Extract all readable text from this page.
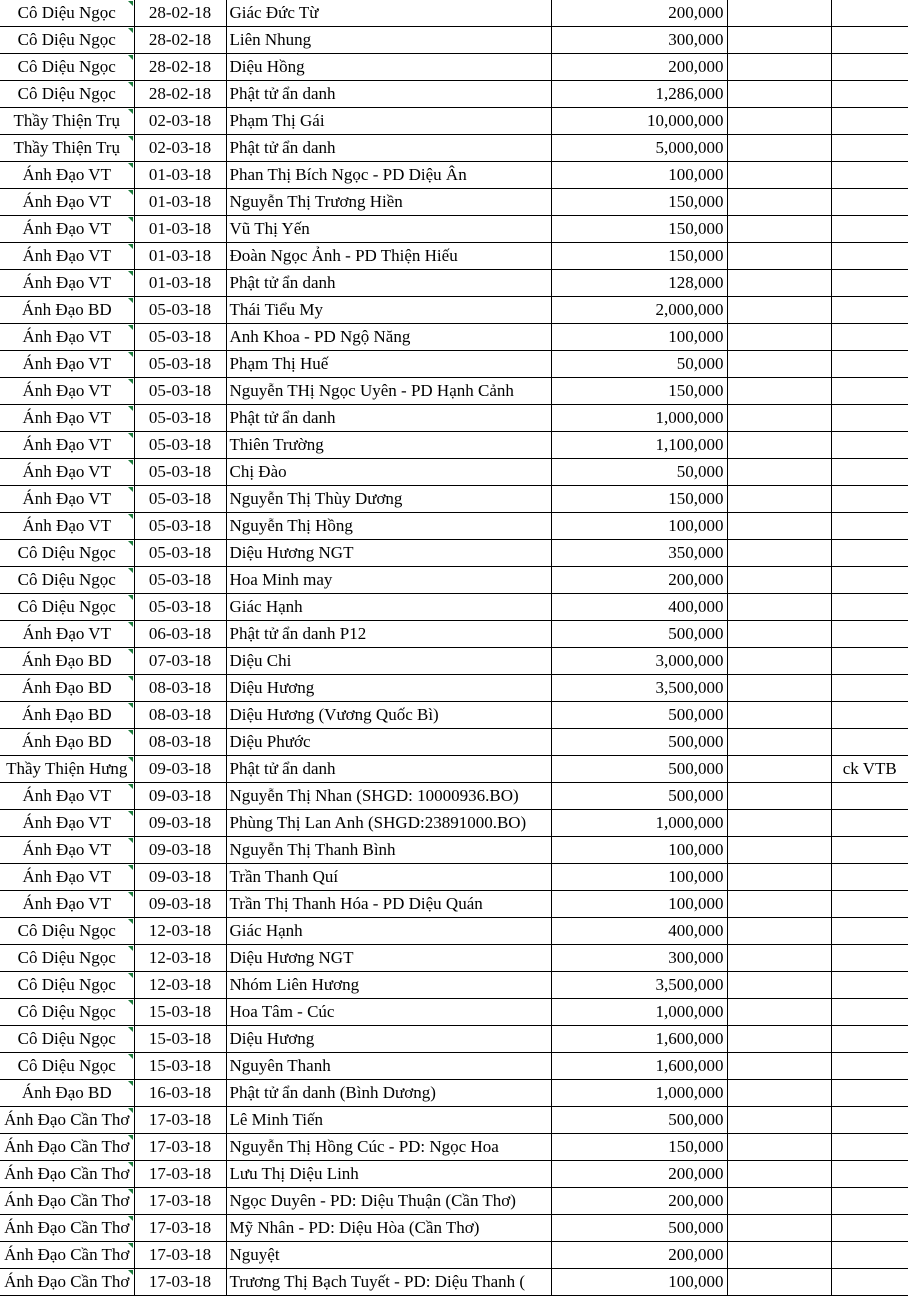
Cô Diệu Ngọc	28-02-18	Giác Đức Từ	200,000		
Cô Diệu Ngọc	28-02-18	Liên Nhung	300,000		
Cô Diệu Ngọc	28-02-18	Diệu Hồng	200,000		
Cô Diệu Ngọc	28-02-18	Phật tử ẩn danh	1,286,000		
Thầy Thiện Trụ	02-03-18	Phạm Thị Gái	10,000,000		
Thầy Thiện Trụ	02-03-18	Phật tử ẩn danh	5,000,000		
Ánh Đạo VT	01-03-18	Phan Thị Bích Ngọc - PD Diệu Ân	100,000		
Ánh Đạo VT	01-03-18	Nguyễn Thị Trương Hiền	150,000		
Ánh Đạo VT	01-03-18	Vũ Thị Yến	150,000		
Ánh Đạo VT	01-03-18	Đoàn Ngọc Ảnh - PD Thiện Hiếu	150,000		
Ánh Đạo VT	01-03-18	Phật tử ẩn danh	128,000		
Ánh Đạo BD	05-03-18	Thái Tiểu My	2,000,000		
Ánh Đạo VT	05-03-18	Anh Khoa - PD Ngộ Năng	100,000		
Ánh Đạo VT	05-03-18	Phạm Thị Huế	50,000		
Ánh Đạo VT	05-03-18	Nguyễn THị Ngọc Uyên - PD Hạnh Cảnh	150,000		
Ánh Đạo VT	05-03-18	Phật tử ẩn danh	1,000,000		
Ánh Đạo VT	05-03-18	Thiên Trường	1,100,000		
Ánh Đạo VT	05-03-18	Chị Đào	50,000		
Ánh Đạo VT	05-03-18	Nguyễn Thị Thùy Dương	150,000		
Ánh Đạo VT	05-03-18	Nguyễn Thị Hồng	100,000		
Cô Diệu Ngọc	05-03-18	Diệu Hương NGT	350,000		
Cô Diệu Ngọc	05-03-18	Hoa Minh may	200,000		
Cô Diệu Ngọc	05-03-18	Giác Hạnh	400,000		
Ánh Đạo VT	06-03-18	Phật tử ẩn danh P12	500,000		
Ánh Đạo BD	07-03-18	Diệu Chi	3,000,000		
Ánh Đạo BD	08-03-18	Diệu Hương	3,500,000		
Ánh Đạo BD	08-03-18	Diệu Hương (Vương Quốc Bì)	500,000		
Ánh Đạo BD	08-03-18	Diệu Phước	500,000		
Thầy Thiện Hưng	09-03-18	Phật tử ẩn danh	500,000		ck VTB
Ánh Đạo VT	09-03-18	Nguyễn Thị Nhan (SHGD: 10000936.BO)	500,000		
Ánh Đạo VT	09-03-18	Phùng Thị Lan Anh (SHGD:23891000.BO)	1,000,000		
Ánh Đạo VT	09-03-18	Nguyễn Thị Thanh Bình	100,000		
Ánh Đạo VT	09-03-18	Trần Thanh Quí	100,000		
Ánh Đạo VT	09-03-18	Trần Thị Thanh Hóa - PD Diệu Quán	100,000		
Cô Diệu Ngọc	12-03-18	Giác Hạnh	400,000		
Cô Diệu Ngọc	12-03-18	Diệu Hương NGT	300,000		
Cô Diệu Ngọc	12-03-18	Nhóm Liên Hương	3,500,000		
Cô Diệu Ngọc	15-03-18	Hoa Tâm - Cúc	1,000,000		
Cô Diệu Ngọc	15-03-18	Diệu Hương	1,600,000		
Cô Diệu Ngọc	15-03-18	Nguyên Thanh	1,600,000		
Ánh Đạo BD	16-03-18	Phật tử ẩn danh (Bình Dương)	1,000,000		
Ánh Đạo Cần Thơ	17-03-18	Lê Minh Tiến	500,000		
Ánh Đạo Cần Thơ	17-03-18	Nguyễn Thị Hồng Cúc - PD: Ngọc Hoa	150,000		
Ánh Đạo Cần Thơ	17-03-18	Lưu Thị Diệu Linh	200,000		
Ánh Đạo Cần Thơ	17-03-18	Ngọc Duyên - PD: Diệu Thuận (Cần Thơ)	200,000		
Ánh Đạo Cần Thơ	17-03-18	Mỹ Nhân - PD: Diệu Hòa (Cần Thơ)	500,000		
Ánh Đạo Cần Thơ	17-03-18	Nguyệt	200,000		
Ánh Đạo Cần Thơ	17-03-18	Trương Thị Bạch Tuyết - PD: Diệu Thanh (	100,000		
